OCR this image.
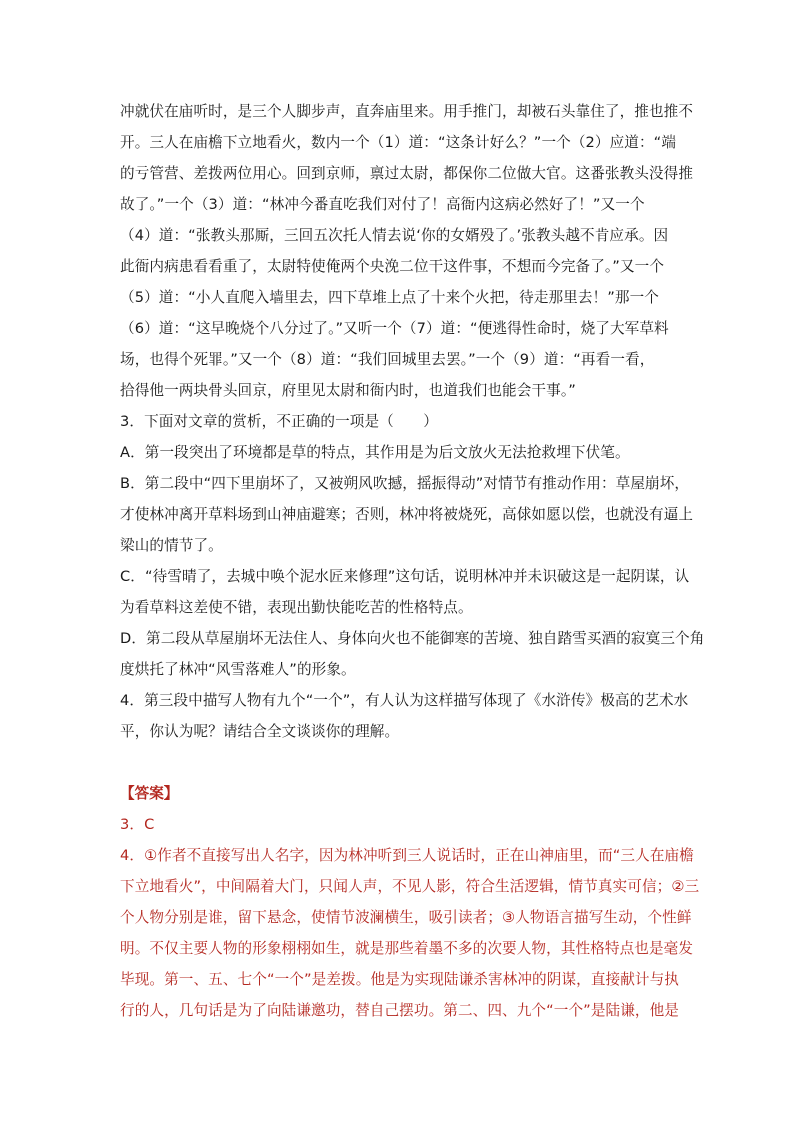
冲就伏在庙听时，是三个人脚步声，直奔庙里来。用手推门，却被石头靠住了，推也推不
开。三人在庙檐下立地看火，数内一个（1）道：“这条计好么？”一个（2）应道：“端
的亏管营、差拨两位用心。回到京师，禀过太尉，都保你二位做大官。这番张教头没得推
故了。”一个（3）道：“林冲今番直吃我们对付了！高衙内这病必然好了！”又一个
（4）道：“张教头那厮，三回五次托人情去说‘你的女婿殁了。’张教头越不肯应承。因
此衙内病患看看重了，太尉特使俺两个央浼二位干这件事，不想而今完备了。”又一个
（5）道：“小人直爬入墙里去，四下草堆上点了十来个火把，待走那里去！”那一个
（6）道：“这早晚烧个八分过了。”又听一个（7）道：“便逃得性命时，烧了大军草料
场，也得个死罪。”又一个（8）道：“我们回城里去罢。”一个（9）道：“再看一看，
拾得他一两块骨头回京，府里见太尉和衙内时，也道我们也能会干事。”
3．下面对文章的赏析，不正确的一项是（　　）
A．第一段突出了环境都是草的特点，其作用是为后文放火无法抢救埋下伏笔。
B．第二段中“四下里崩坏了，又被朔风吹撼，摇振得动”对情节有推动作用：草屋崩坏，
才使林冲离开草料场到山神庙避寒；否则，林冲将被烧死，高俅如愿以偿，也就没有逼上
梁山的情节了。
C．“待雪晴了，去城中唤个泥水匠来修理”这句话，说明林冲并未识破这是一起阴谋，认
为看草料这差使不错，表现出勤快能吃苦的性格特点。
D．第二段从草屋崩坏无法住人、身体向火也不能御寒的苦境、独自踏雪买酒的寂寞三个角
度烘托了林冲“风雪落难人”的形象。
4．第三段中描写人物有九个“一个”，有人认为这样描写体现了《水浒传》极高的艺术水
平，你认为呢？请结合全文谈谈你的理解。
【答案】
3．C
4．①作者不直接写出人名字，因为林冲听到三人说话时，正在山神庙里，而“三人在庙檐
下立地看火”，中间隔着大门，只闻人声，不见人影，符合生活逻辑，情节真实可信；②三
个人物分别是谁，留下悬念，使情节波澜横生，吸引读者；③人物语言描写生动，个性鲜
明。不仅主要人物的形象栩栩如生，就是那些着墨不多的次要人物，其性格特点也是毫发
毕现。第一、五、七个“一个”是差拨。他是为实现陆谦杀害林冲的阴谋，直接献计与执
行的人，几句话是为了向陆谦邀功，替自己摆功。第二、四、九个“一个”是陆谦，他是
